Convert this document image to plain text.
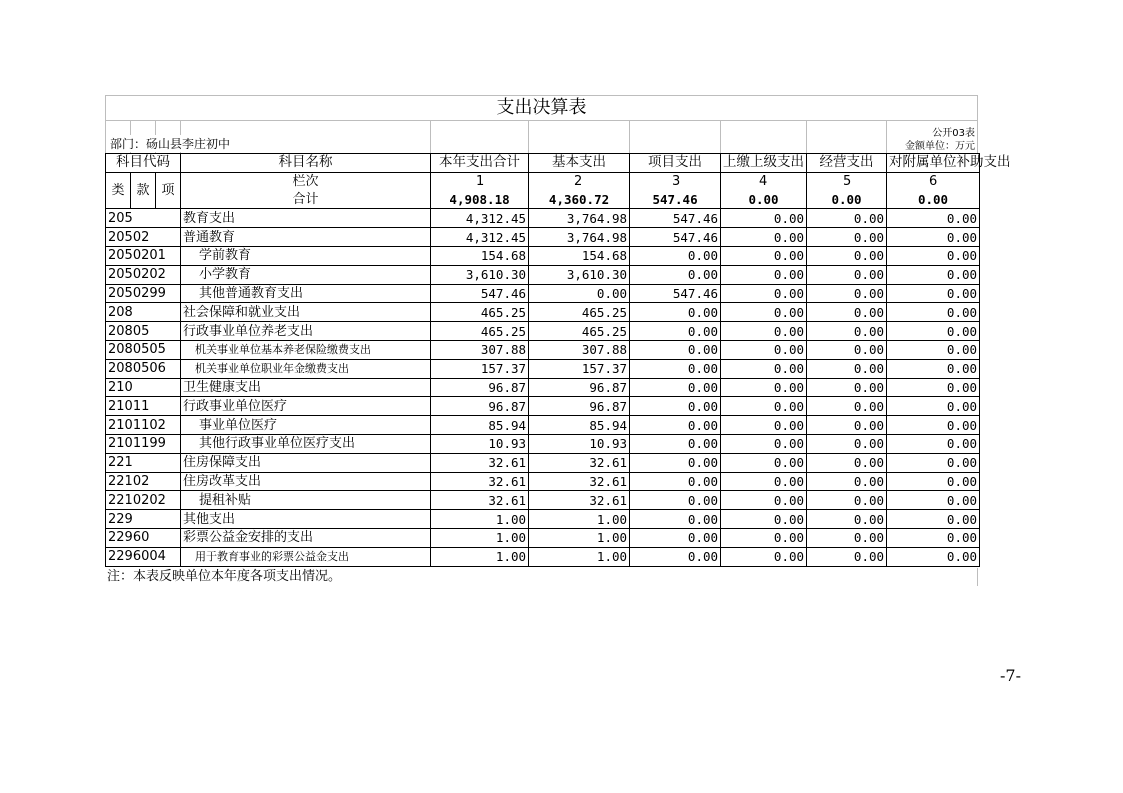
支出决算表
部门：砀山县李庄初中
公开03表
金额单位：万元
科目代码			科目名称	本年支出合计	基本支出	项目支出	上缴上级支出	经营支出	对附属单位补助支出
类	款	项	栏次	1	2	3	4	5	6
			合计	4,908.18	4,360.72	547.46	0.00	0.00	0.00
205			教育支出	4,312.45	3,764.98	547.46	0.00	0.00	0.00
20502			普通教育	4,312.45	3,764.98	547.46	0.00	0.00	0.00
2050201			学前教育	154.68	154.68	0.00	0.00	0.00	0.00
2050202			小学教育	3,610.30	3,610.30	0.00	0.00	0.00	0.00
2050299			其他普通教育支出	547.46	0.00	547.46	0.00	0.00	0.00
208			社会保障和就业支出	465.25	465.25	0.00	0.00	0.00	0.00
20805			行政事业单位养老支出	465.25	465.25	0.00	0.00	0.00	0.00
2080505			机关事业单位基本养老保险缴费支出	307.88	307.88	0.00	0.00	0.00	0.00
2080506			机关事业单位职业年金缴费支出	157.37	157.37	0.00	0.00	0.00	0.00
210			卫生健康支出	96.87	96.87	0.00	0.00	0.00	0.00
21011			行政事业单位医疗	96.87	96.87	0.00	0.00	0.00	0.00
2101102			事业单位医疗	85.94	85.94	0.00	0.00	0.00	0.00
2101199			其他行政事业单位医疗支出	10.93	10.93	0.00	0.00	0.00	0.00
221			住房保障支出	32.61	32.61	0.00	0.00	0.00	0.00
22102			住房改革支出	32.61	32.61	0.00	0.00	0.00	0.00
2210202			提租补贴	32.61	32.61	0.00	0.00	0.00	0.00
229			其他支出	1.00	1.00	0.00	0.00	0.00	0.00
22960			彩票公益金安排的支出	1.00	1.00	0.00	0.00	0.00	0.00
2296004			用于教育事业的彩票公益金支出	1.00	1.00	0.00	0.00	0.00	0.00
注：本表反映单位本年度各项支出情况。
-7-
